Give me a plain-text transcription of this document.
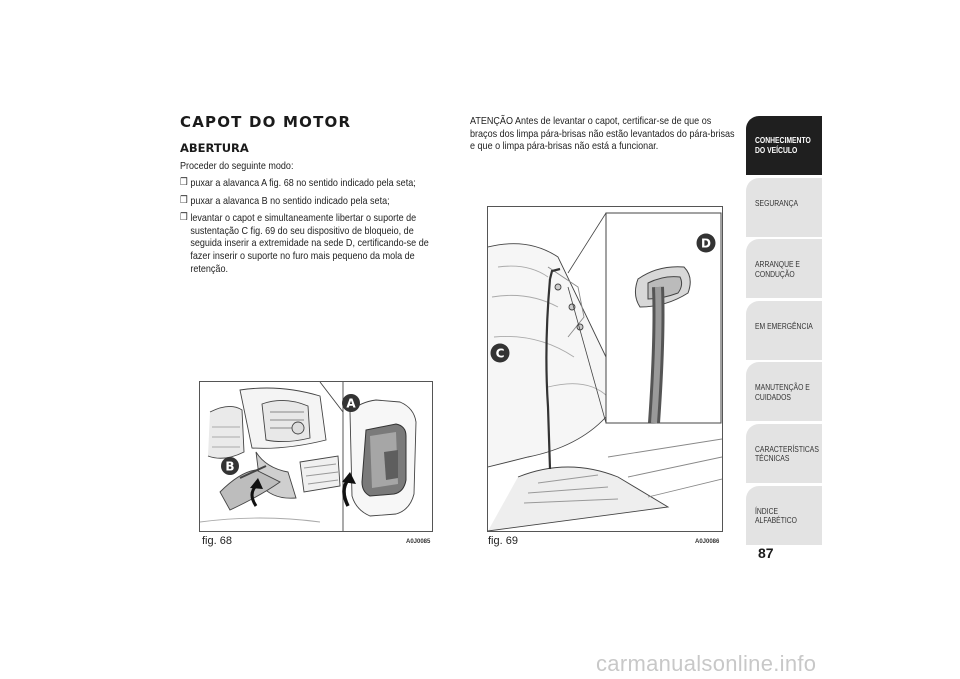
CAPOT DO MOTOR
ABERTURA
Proceder do seguinte modo:
❒ puxar a alavanca A fig. 68 no sentido indicado pela seta;
❒ puxar a alavanca B no sentido indicado pela seta;
❒ levantar o capot e simultaneamente libertar o suporte de sustentação C fig. 69 do seu dispositivo de bloqueio, de seguida inserir a extremidade na sede D, certificando-se de fazer inserir o suporte no furo mais pequeno da mola de retenção.
ATENÇÃO Antes de levantar o capot, certificar-se de que os braços dos limpa pára-brisas não estão levantados do pára-brisas e que o limpa pára-brisas não está a funcionar.
A
B
fig. 68	A0J0085
D
C
fig. 69	A0J0086
CONHECIMENTO DO VEÍCULO
SEGURANÇA
ARRANQUE E CONDUÇÃO
EM EMERGÊNCIA
MANUTENÇÃO E CUIDADOS
CARACTERÍSTICAS TÉCNICAS
ÍNDICE ALFABÉTICO
87
carmanualsonline.info
